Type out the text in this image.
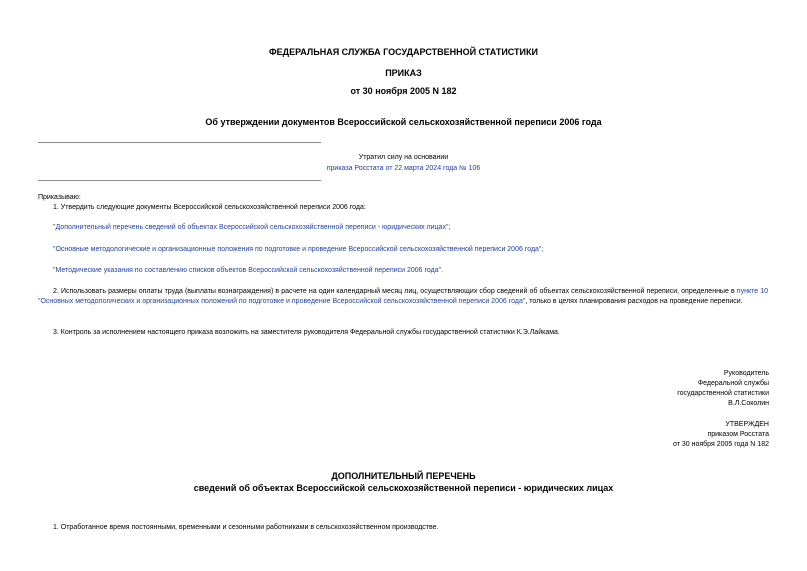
ФЕДЕРАЛЬНАЯ СЛУЖБА ГОСУДАРСТВЕННОЙ СТАТИСТИКИ
ПРИКАЗ
от 30 ноября 2005 N 182
Об утверждении документов Всероссийской сельскохозяйственной переписи 2006 года
Утратил силу на основании
приказа Росстата от 22 марта 2024 года № 106
Приказываю:
1. Утвердить следующие документы Всероссийской сельскохозяйственной переписи 2006 года:
"Дополнительный перечень сведений об объектах Всероссийской сельскохозяйственной переписи - юридических лицах";
"Основные методологические и организационные положения по подготовке и проведение Всероссийской сельскохозяйственной переписи 2006 года";
"Методические указания по составлению списков объектов Всероссийской сельскохозяйственной переписи 2006 года".
2. Использовать размеры оплаты труда (выплаты вознаграждения) в расчете на один календарный месяц лиц, осуществляющих сбор сведений об объектах сельскохозяйственной переписи, определенные в пункте 10 "Основных методологических и организационных положений по подготовке и проведение Всероссийской сельскохозяйственной переписи 2006 года", только в целях планирования расходов на проведение переписи.
3. Контроль за исполнением настоящего приказа возложить на заместителя руководителя Федеральной службы государственной статистики К.Э.Лайкама.
Руководитель
Федеральной службы
государственной статистики
В.Л.Соколин
УТВЕРЖДЕН
приказом Росстата
от 30 ноября 2005 года N 182
ДОПОЛНИТЕЛЬНЫЙ ПЕРЕЧЕНЬ
сведений об объектах Всероссийской сельскохозяйственной переписи - юридических лицах
1. Отработанное время постоянными, временными и сезонными работниками в сельскохозяйственном производстве.
